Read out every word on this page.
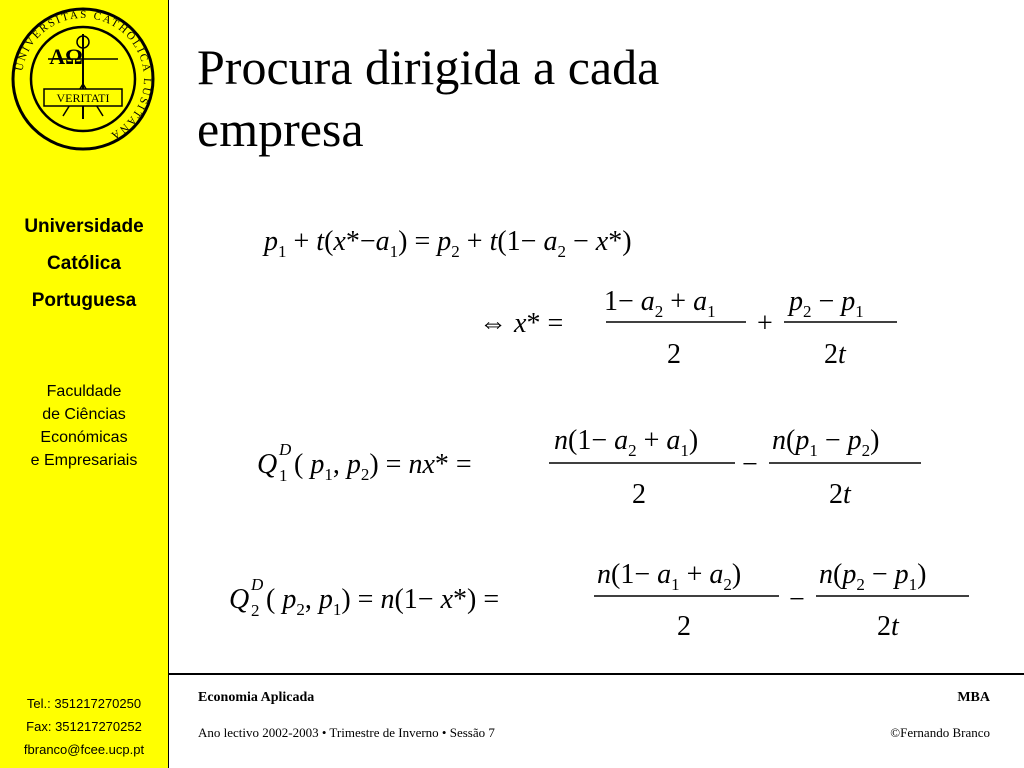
UNIVERSITAS CATHOLICA LUSITANA
AΩ
VERITATI
Universidade
Católica
Portuguesa
Faculdade
de Ciências
Económicas
e Empresariais
Tel.: 351217270250
Fax: 351217270252
fbranco@fcee.ucp.pt
Procura dirigida a cada
empresa
$p_1 + t(x*-a_1) = p_2 + t(1- a_2 - x*)$
⇔ x* =
$1- a_2 + a_1$
2
+
$p_2 - p_1$
2t
Q D
1 ( $p_1$, $p_2) = nx*$ =
$n(1- a_2 + a_1)$
2
−
$n(p_1 - p_2)$
2t
Q D
2 ( $p_2$, $p_1) = n(1- x*)$ =
$n(1- a_1 + a_2)$
2
−
$n(p_2 - p_1)$
2t
Economia Aplicada	MBA
Ano lectivo 2002-2003 • Trimestre de Inverno • Sessão 7	©Fernando Branco
